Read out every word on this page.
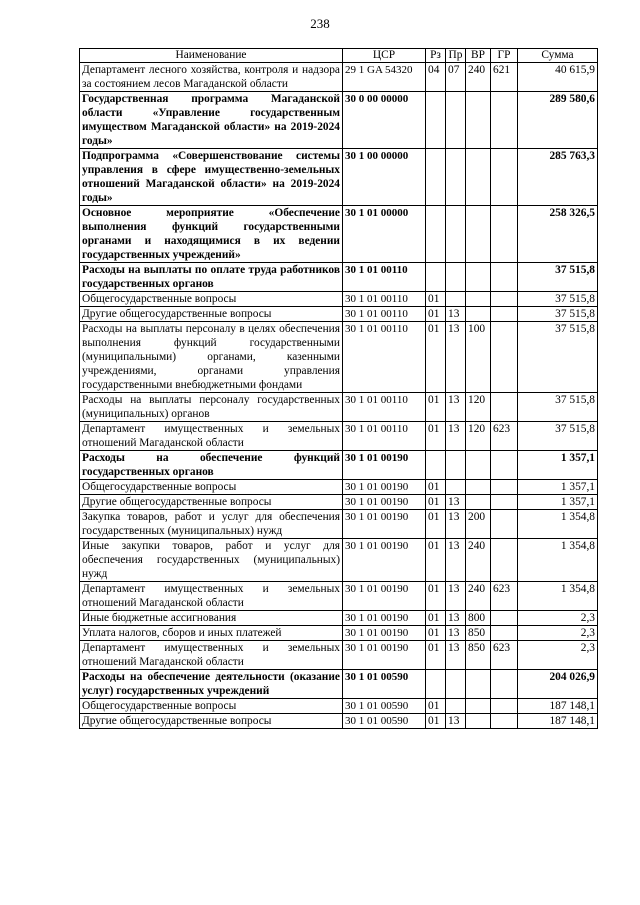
238
Наименование	ЦСР	Рз	Пр	ВР	ГР	Сумма
Департамент лесного хозяйства, контроля и надзора за состоянием лесов Магаданской области	29 1 GA 54320	04	07	240	621	40 615,9
Государственная программа Магаданской области «Управление государственным имуществом Магаданской области» на 2019-2024 годы»	30 0 00 00000					289 580,6
Подпрограмма «Совершенствование системы управления в сфере имущественно-земельных отношений Магаданской области» на 2019-2024 годы»	30 1 00 00000					285 763,3
Основное мероприятие «Обеспечение выполнения функций государственными органами и находящимися в их ведении государственных учреждений»	30 1 01 00000					258 326,5
Расходы на выплаты по оплате труда работников государственных органов	30 1 01 00110					37 515,8
Общегосударственные вопросы	30 1 01 00110	01				37 515,8
Другие общегосударственные вопросы	30 1 01 00110	01	13			37 515,8
Расходы на выплаты персоналу в целях обеспечения выполнения функций государственными (муниципальными) органами, казенными учреждениями, органами управления государственными внебюджетными фондами	30 1 01 00110	01	13	100		37 515,8
Расходы на выплаты персоналу государственных (муниципальных) органов	30 1 01 00110	01	13	120		37 515,8
Департамент имущественных и земельных отношений Магаданской области	30 1 01 00110	01	13	120	623	37 515,8
Расходы на обеспечение функций государственных органов	30 1 01 00190					1 357,1
Общегосударственные вопросы	30 1 01 00190	01				1 357,1
Другие общегосударственные вопросы	30 1 01 00190	01	13			1 357,1
Закупка товаров, работ и услуг для обеспечения государственных (муниципальных) нужд	30 1 01 00190	01	13	200		1 354,8
Иные закупки товаров, работ и услуг для обеспечения государственных (муниципальных) нужд	30 1 01 00190	01	13	240		1 354,8
Департамент имущественных и земельных отношений Магаданской области	30 1 01 00190	01	13	240	623	1 354,8
Иные бюджетные ассигнования	30 1 01 00190	01	13	800		2,3
Уплата налогов, сборов и иных платежей	30 1 01 00190	01	13	850		2,3
Департамент имущественных и земельных отношений Магаданской области	30 1 01 00190	01	13	850	623	2,3
Расходы на обеспечение деятельности (оказание услуг) государственных учреждений	30 1 01 00590					204 026,9
Общегосударственные вопросы	30 1 01 00590	01				187 148,1
Другие общегосударственные вопросы	30 1 01 00590	01	13			187 148,1
